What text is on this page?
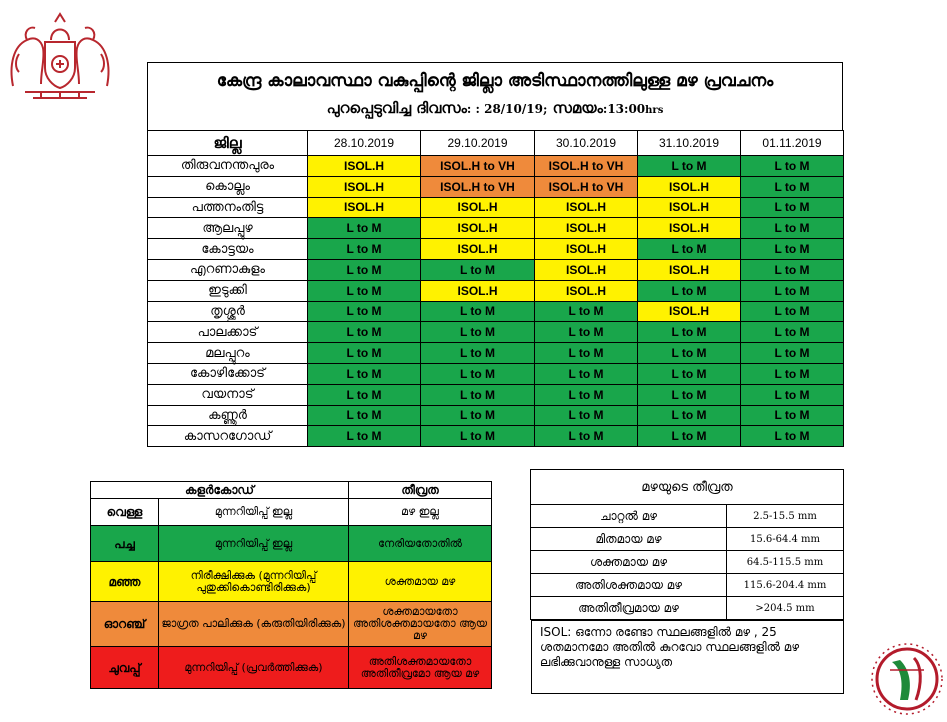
കേന്ദ്ര കാലാവസ്ഥാ വകുപ്പിന്റെ ജില്ലാ അടിസ്ഥാനത്തിലുള്ള മഴ പ്രവചനം
പുറപ്പെടുവിച്ച ദിവസം: : 28/10/19; സമയം:13:00hrs
ജില്ല	28.10.2019	29.10.2019	30.10.2019	31.10.2019	01.11.2019
തിരുവനന്തപുരം	ISOL.H	ISOL.H to VH	ISOL.H to VH	L to M	L to M
കൊല്ലം	ISOL.H	ISOL.H to VH	ISOL.H to VH	ISOL.H	L to M
പത്തനംതിട്ട	ISOL.H	ISOL.H	ISOL.H	ISOL.H	L to M
ആലപ്പുഴ	L to M	ISOL.H	ISOL.H	ISOL.H	L to M
കോട്ടയം	L to M	ISOL.H	ISOL.H	L to M	L to M
എറണാകുളം	L to M	L to M	ISOL.H	ISOL.H	L to M
ഇടുക്കി	L to M	ISOL.H	ISOL.H	L to M	L to M
തൃശ്ശൂർ	L to M	L to M	L to M	ISOL.H	L to M
പാലക്കാട്	L to M	L to M	L to M	L to M	L to M
മലപ്പുറം	L to M	L to M	L to M	L to M	L to M
കോഴിക്കോട്	L to M	L to M	L to M	L to M	L to M
വയനാട്	L to M	L to M	L to M	L to M	L to M
കണ്ണൂർ	L to M	L to M	L to M	L to M	L to M
കാസറഗോഡ്	L to M	L to M	L to M	L to M	L to M
കളർകോഡ്		തീവ്രത
വെള്ള	മുന്നറിയിപ്പ് ഇല്ല	മഴ ഇല്ല
പച്ച	മുന്നറിയിപ്പ് ഇല്ല	നേരിയതോതിൽ
മഞ്ഞ	നിരീക്ഷിക്കുക (മുന്നറിയിപ്പ് പുതുക്കികൊണ്ടിരിക്കുക)	ശക്തമായ മഴ
ഓറഞ്ച്	ജാഗ്രത പാലിക്കുക (കരുതിയിരിക്കുക)	ശക്തമായതോ അതിശക്തമായതോ ആയ മഴ
ചുവപ്പ്	മുന്നറിയിപ്പ് (പ്രവർത്തിക്കുക)	അതിശക്തമായതോ അതിതീവ്രമോ ആയ മഴ
മഴയുടെ തീവ്രത	
ചാറ്റൽ മഴ	2.5-15.5 mm
മിതമായ മഴ	15.6-64.4 mm
ശക്തമായ മഴ	64.5-115.5 mm
അതിശക്തമായ മഴ	115.6-204.4 mm
അതിതീവ്രമായ മഴ	>204.5 mm
ISOL: ഒന്നോ രണ്ടോ സ്ഥലങ്ങളിൽ മഴ , 25 ശതമാനമോ അതിൽ കുറവോ സ്ഥലങ്ങളിൽ മഴ ലഭിക്കുവാനുള്ള സാധ്യത
